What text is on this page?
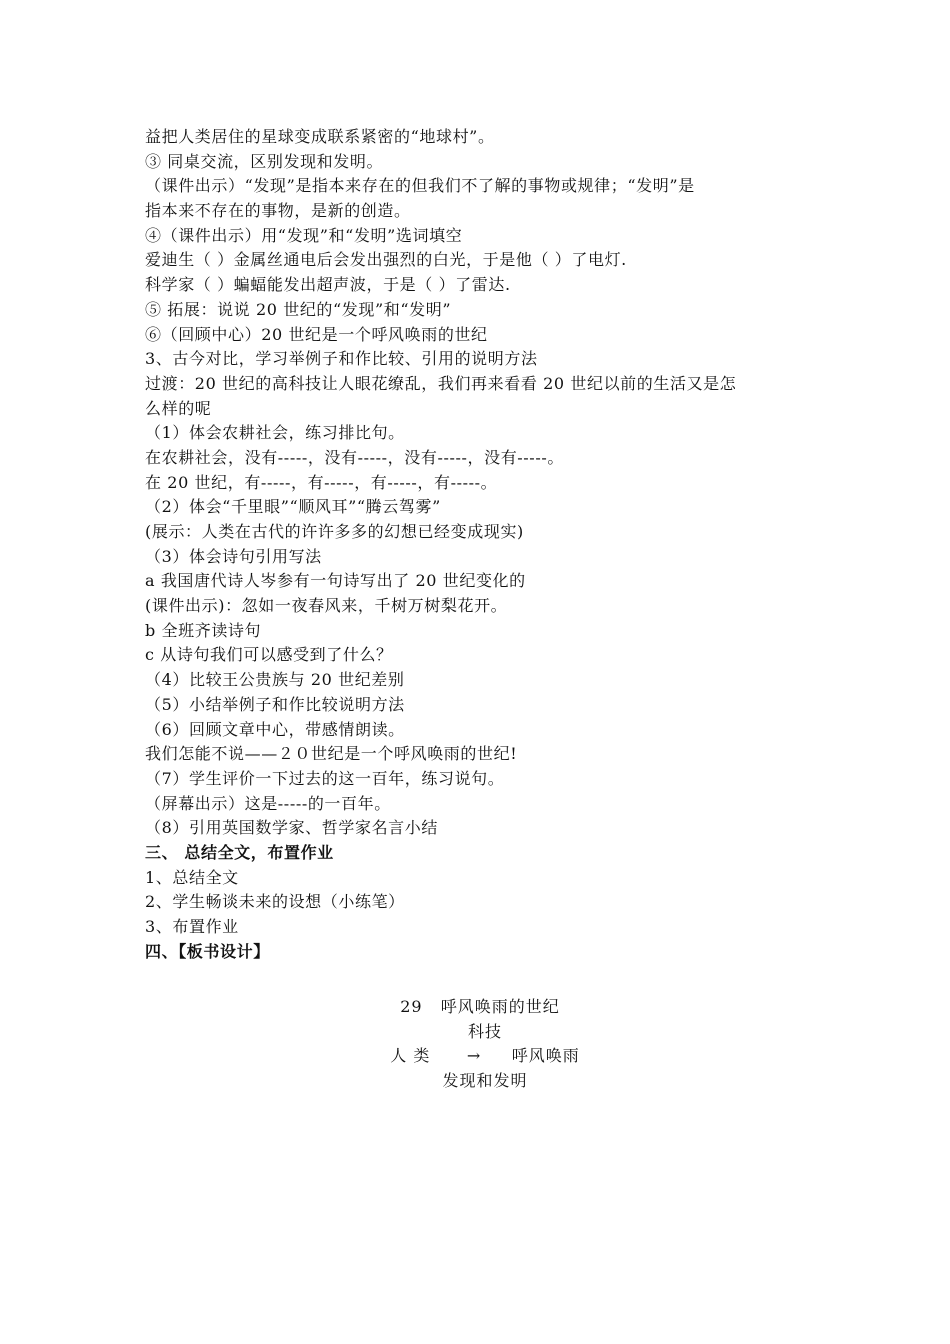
益把人类居住的星球变成联系紧密的“地球村”。
③ 同桌交流，区别发现和发明。
（课件出示）“发现”是指本来存在的但我们不了解的事物或规律；“发明”是
指本来不存在的事物，是新的创造。
④（课件出示）用“发现”和“发明”选词填空
爱迪生（ ）金属丝通电后会发出强烈的白光，于是他（ ）了电灯.
科学家（ ）蝙蝠能发出超声波，于是（ ）了雷达.
⑤ 拓展：说说 20 世纪的“发现”和“发明”
⑥（回顾中心）20 世纪是一个呼风唤雨的世纪
3、古今对比，学习举例子和作比较、引用的说明方法
过渡：20 世纪的高科技让人眼花缭乱，我们再来看看 20 世纪以前的生活又是怎
么样的呢
（1）体会农耕社会，练习排比句。
在农耕社会，没有-----，没有-----，没有-----，没有-----。
在 20 世纪，有-----，有-----，有-----，有-----。
（2）体会“千里眼”“顺风耳”“腾云驾雾”
(展示：人类在古代的许许多多的幻想已经变成现实)
（3）体会诗句引用写法
a 我国唐代诗人岑参有一句诗写出了 20 世纪变化的
(课件出示)：忽如一夜春风来，千树万树梨花开。
b 全班齐读诗句
c 从诗句我们可以感受到了什么？
（4）比较王公贵族与 20 世纪差别
（5）小结举例子和作比较说明方法
（6）回顾文章中心，带感情朗读。
我们怎能不说——２０世纪是一个呼风唤雨的世纪!
（7）学生评价一下过去的这一百年，练习说句。
（屏幕出示）这是-----的一百年。
（8）引用英国数学家、哲学家名言小结
三、 总结全文，布置作业
1、总结全文
2、学生畅谈未来的设想（小练笔）
3、布置作业
四、【板书设计】
29   呼风唤雨的世纪
科技
人 类      →     呼风唤雨
发现和发明
